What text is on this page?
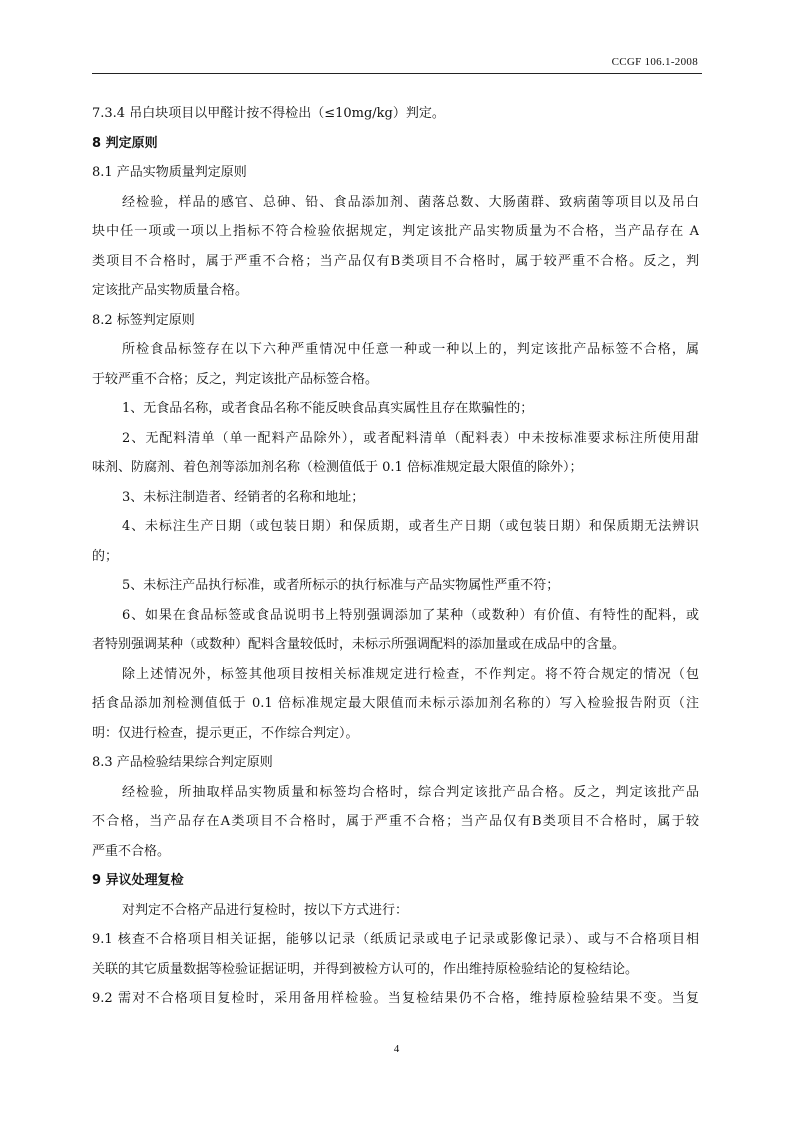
CCGF 106.1-2008
7.3.4 吊白块项目以甲醛计按不得检出（≤10mg/kg）判定。
8 判定原则
8.1 产品实物质量判定原则
经检验，样品的感官、总砷、铅、食品添加剂、菌落总数、大肠菌群、致病菌等项目以及吊白
块中任一项或一项以上指标不符合检验依据规定，判定该批产品实物质量为不合格，当产品存在 A
类项目不合格时，属于严重不合格；当产品仅有B类项目不合格时，属于较严重不合格。反之，判
定该批产品实物质量合格。
8.2 标签判定原则
所检食品标签存在以下六种严重情况中任意一种或一种以上的，判定该批产品标签不合格，属
于较严重不合格；反之，判定该批产品标签合格。
1、无食品名称，或者食品名称不能反映食品真实属性且存在欺骗性的；
2、无配料清单（单一配料产品除外），或者配料清单（配料表）中未按标准要求标注所使用甜
味剂、防腐剂、着色剂等添加剂名称（检测值低于 0.1 倍标准规定最大限值的除外）；
3、未标注制造者、经销者的名称和地址；
4、未标注生产日期（或包装日期）和保质期，或者生产日期（或包装日期）和保质期无法辨识
的；
5、未标注产品执行标准，或者所标示的执行标准与产品实物属性严重不符；
6、如果在食品标签或食品说明书上特别强调添加了某种（或数种）有价值、有特性的配料，或
者特别强调某种（或数种）配料含量较低时，未标示所强调配料的添加量或在成品中的含量。
除上述情况外，标签其他项目按相关标准规定进行检查，不作判定。将不符合规定的情况（包
括食品添加剂检测值低于 0.1 倍标准规定最大限值而未标示添加剂名称的）写入检验报告附页（注
明：仅进行检查，提示更正，不作综合判定）。
8.3 产品检验结果综合判定原则
经检验，所抽取样品实物质量和标签均合格时，综合判定该批产品合格。反之，判定该批产品
不合格，当产品存在A类项目不合格时，属于严重不合格；当产品仅有B类项目不合格时，属于较
严重不合格。
9 异议处理复检
对判定不合格产品进行复检时，按以下方式进行：
9.1 核查不合格项目相关证据，能够以记录（纸质记录或电子记录或影像记录）、或与不合格项目相
关联的其它质量数据等检验证据证明，并得到被检方认可的，作出维持原检验结论的复检结论。
9.2 需对不合格项目复检时，采用备用样检验。当复检结果仍不合格，维持原检验结果不变。当复
4
